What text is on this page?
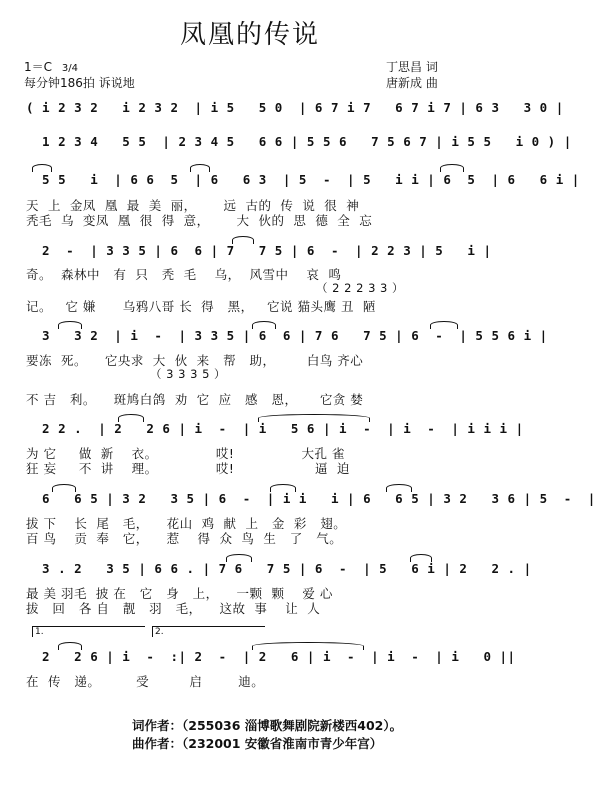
凤凰的传说
1＝C 3/4
每分钟186拍 诉说地
丁思昌 词
唐新成 曲
( i 2 3 2   i 2 3 2  | i 5   5 0  | 6 7 i 7   6 7 i 7 | 6 3   3 0 |
1 2 3 4   5 5  | 2 3 4 5   6 6 | 5 5 6   7 5 6 7 | i 5 5   i 0 ) |
5 5   i  | 6 6  5  | 6   6 3  | 5  -  | 5   i i | 6  5  | 6   6 i |
天  上  金凤  凰  最  美  丽，      远  古的  传  说  很  神
秃毛  乌  变凤  凰  很  得  意，      大  伙的  思  德  全  忘
2  -  | 3 3 5 | 6  6 | 7   7 5 | 6  -  | 2 2 3 | 5   i |
奇。  森林中   有  只   秃  毛    乌，  风雪中    哀  鸣
（ 2 2 2 3 3 ）
记。   它 嫌      乌鸦八哥 长  得   黑，   它说 猫头鹰 丑  陋
3   3 2  | i  -  | 3 3 5 | 6  6 | 7 6   7 5 | 6  -  | 5 5 6 i |
要冻  死。    它央求  大  伙  来   帮   助，       白鸟 齐心
（ 3 3 3 5 ）
不 吉   利。    斑鸠白鸽  劝  它  应   感   恩，     它贪 婪
2 2 .  | 2   2 6 | i  -  | i   5 6 | i  -  | i  -  | i i i |
为 它     做  新    衣。             哎!               大孔 雀
狂 妄     不  讲    理。             哎!                  逼  迫
6   6 5 | 3 2   3 5 | 6  -  | i i   i | 6   6 5 | 3 2   3 6 | 5  -  |
拔 下    长  尾   毛，    花山  鸡  献  上   金  彩   翅。
百 鸟    贡  奉   它，    惹    得  众  鸟  生   了   气。
3 . 2   3 5 | 6 6 . | 7 6   7 5 | 6  -  | 5   6 i | 2   2 . |
最 美 羽毛  披 在   它   身   上，    一颗  颗    爱 心
拔   回   各 自   靓   羽   毛，    这故  事    让  人
1.	2.
2   2 6 | i  -  :| 2  -  | 2   6 | i  -  | i  -  | i   0 ||
在  传   递。        受         启        迪。
词作者：（255036 淄博歌舞剧院新楼西402）。
曲作者：（232001 安徽省淮南市青少年宫）
